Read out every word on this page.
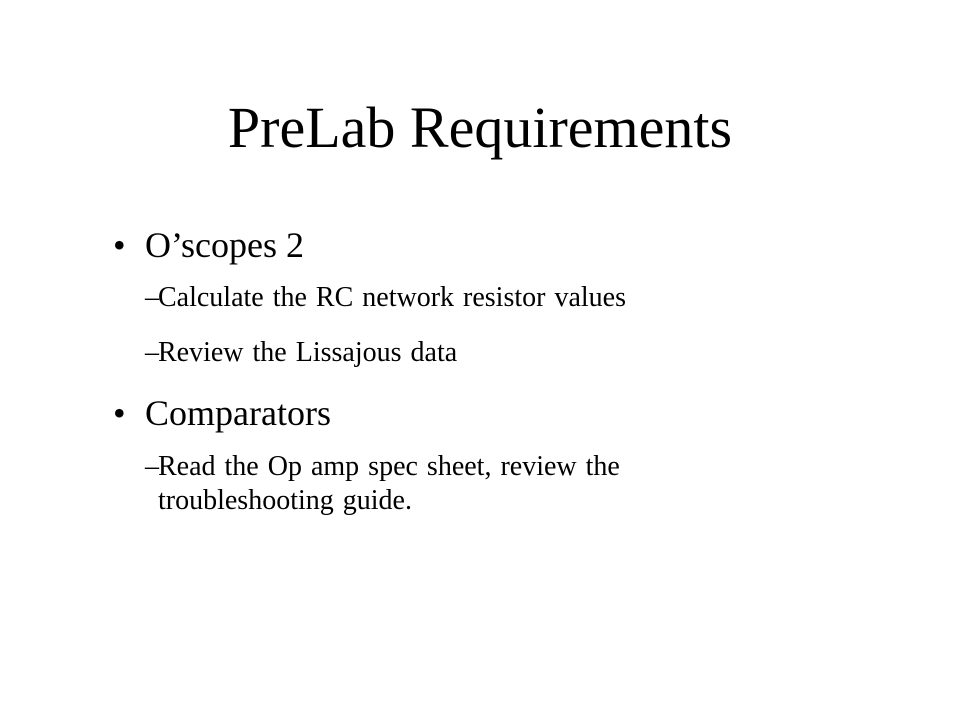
PreLab Requirements
• O’scopes 2
– Calculate the RC network resistor values
– Review the Lissajous data
• Comparators
– Read the Op amp spec sheet, review the troubleshooting guide.
